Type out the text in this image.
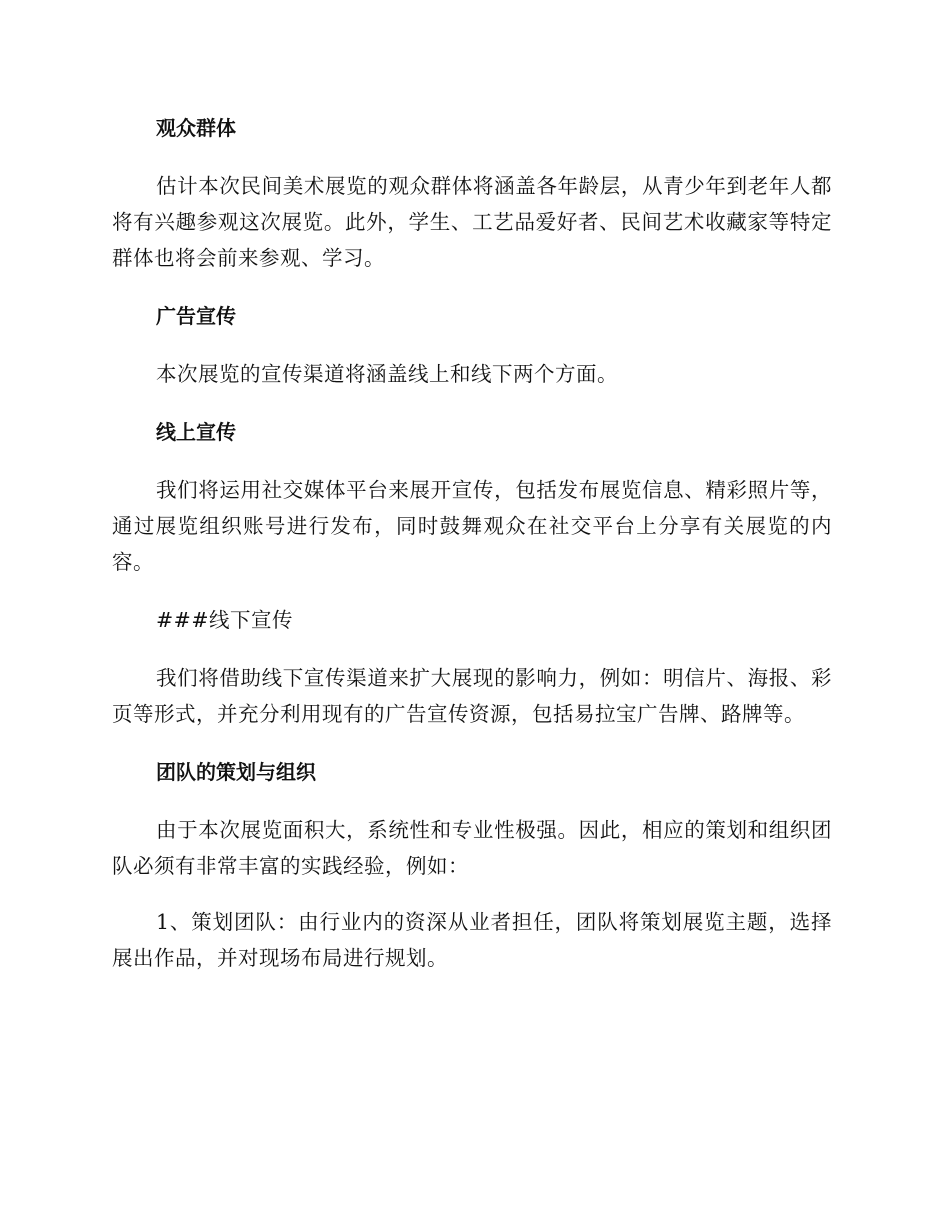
观众群体

估计本次民间美术展览的观众群体将涵盖各年龄层，从青少年到老年人都将有兴趣参观这次展览。此外，学生、工艺品爱好者、民间艺术收藏家等特定群体也将会前来参观、学习。

广告宣传

本次展览的宣传渠道将涵盖线上和线下两个方面。

线上宣传

我们将运用社交媒体平台来展开宣传，包括发布展览信息、精彩照片等，通过展览组织账号进行发布，同时鼓舞观众在社交平台上分享有关展览的内容。

###线下宣传

我们将借助线下宣传渠道来扩大展现的影响力，例如：明信片、海报、彩页等形式，并充分利用现有的广告宣传资源，包括易拉宝广告牌、路牌等。

团队的策划与组织

由于本次展览面积大，系统性和专业性极强。因此，相应的策划和组织团队必须有非常丰富的实践经验，例如：

1、策划团队：由行业内的资深从业者担任，团队将策划展览主题，选择展出作品，并对现场布局进行规划。
